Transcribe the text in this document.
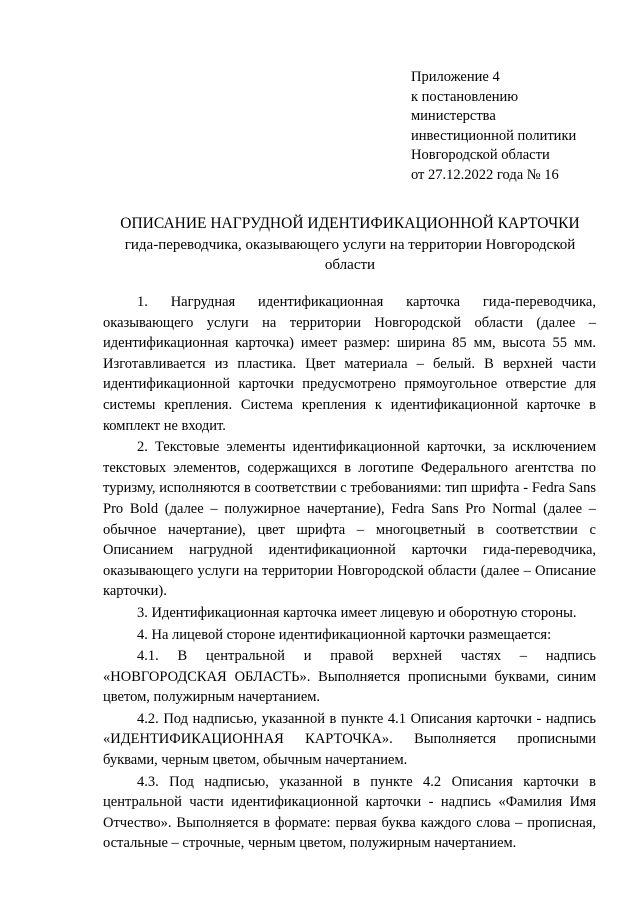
Приложение 4
к постановлению
министерства
инвестиционной политики
Новгородской области
от 27.12.2022 года № 16
ОПИСАНИЕ НАГРУДНОЙ ИДЕНТИФИКАЦИОННОЙ КАРТОЧКИ
гида-переводчика, оказывающего услуги на территории Новгородской области

1. Нагрудная идентификационная карточка гида-переводчика, оказывающего услуги на территории Новгородской области (далее – идентификационная карточка) имеет размер: ширина 85 мм, высота 55 мм. Изготавливается из пластика. Цвет материала – белый. В верхней части идентификационной карточки предусмотрено прямоугольное отверстие для системы крепления. Система крепления к идентификационной карточке в комплект не входит.

2. Текстовые элементы идентификационной карточки, за исключением текстовых элементов, содержащихся в логотипе Федерального агентства по туризму, исполняются в соответствии с требованиями: тип шрифта - Fedra Sans Pro Bold (далее – полужирное начертание), Fedra Sans Pro Normal (далее – обычное начертание), цвет шрифта – многоцветный в соответствии с Описанием нагрудной идентификационной карточки гида-переводчика, оказывающего услуги на территории Новгородской области (далее – Описание карточки).

3. Идентификационная карточка имеет лицевую и оборотную стороны.

4. На лицевой стороне идентификационной карточки размещается:

4.1. В центральной и правой верхней частях – надпись «НОВГОРОДСКАЯ ОБЛАСТЬ». Выполняется прописными буквами, синим цветом, полужирным начертанием.

4.2. Под надписью, указанной в пункте 4.1 Описания карточки - надпись «ИДЕНТИФИКАЦИОННАЯ КАРТОЧКА». Выполняется прописными буквами, черным цветом, обычным начертанием.

4.3. Под надписью, указанной в пункте 4.2 Описания карточки в центральной части идентификационной карточки - надпись «Фамилия Имя Отчество». Выполняется в формате: первая буква каждого слова – прописная, остальные – строчные, черным цветом, полужирным начертанием.
